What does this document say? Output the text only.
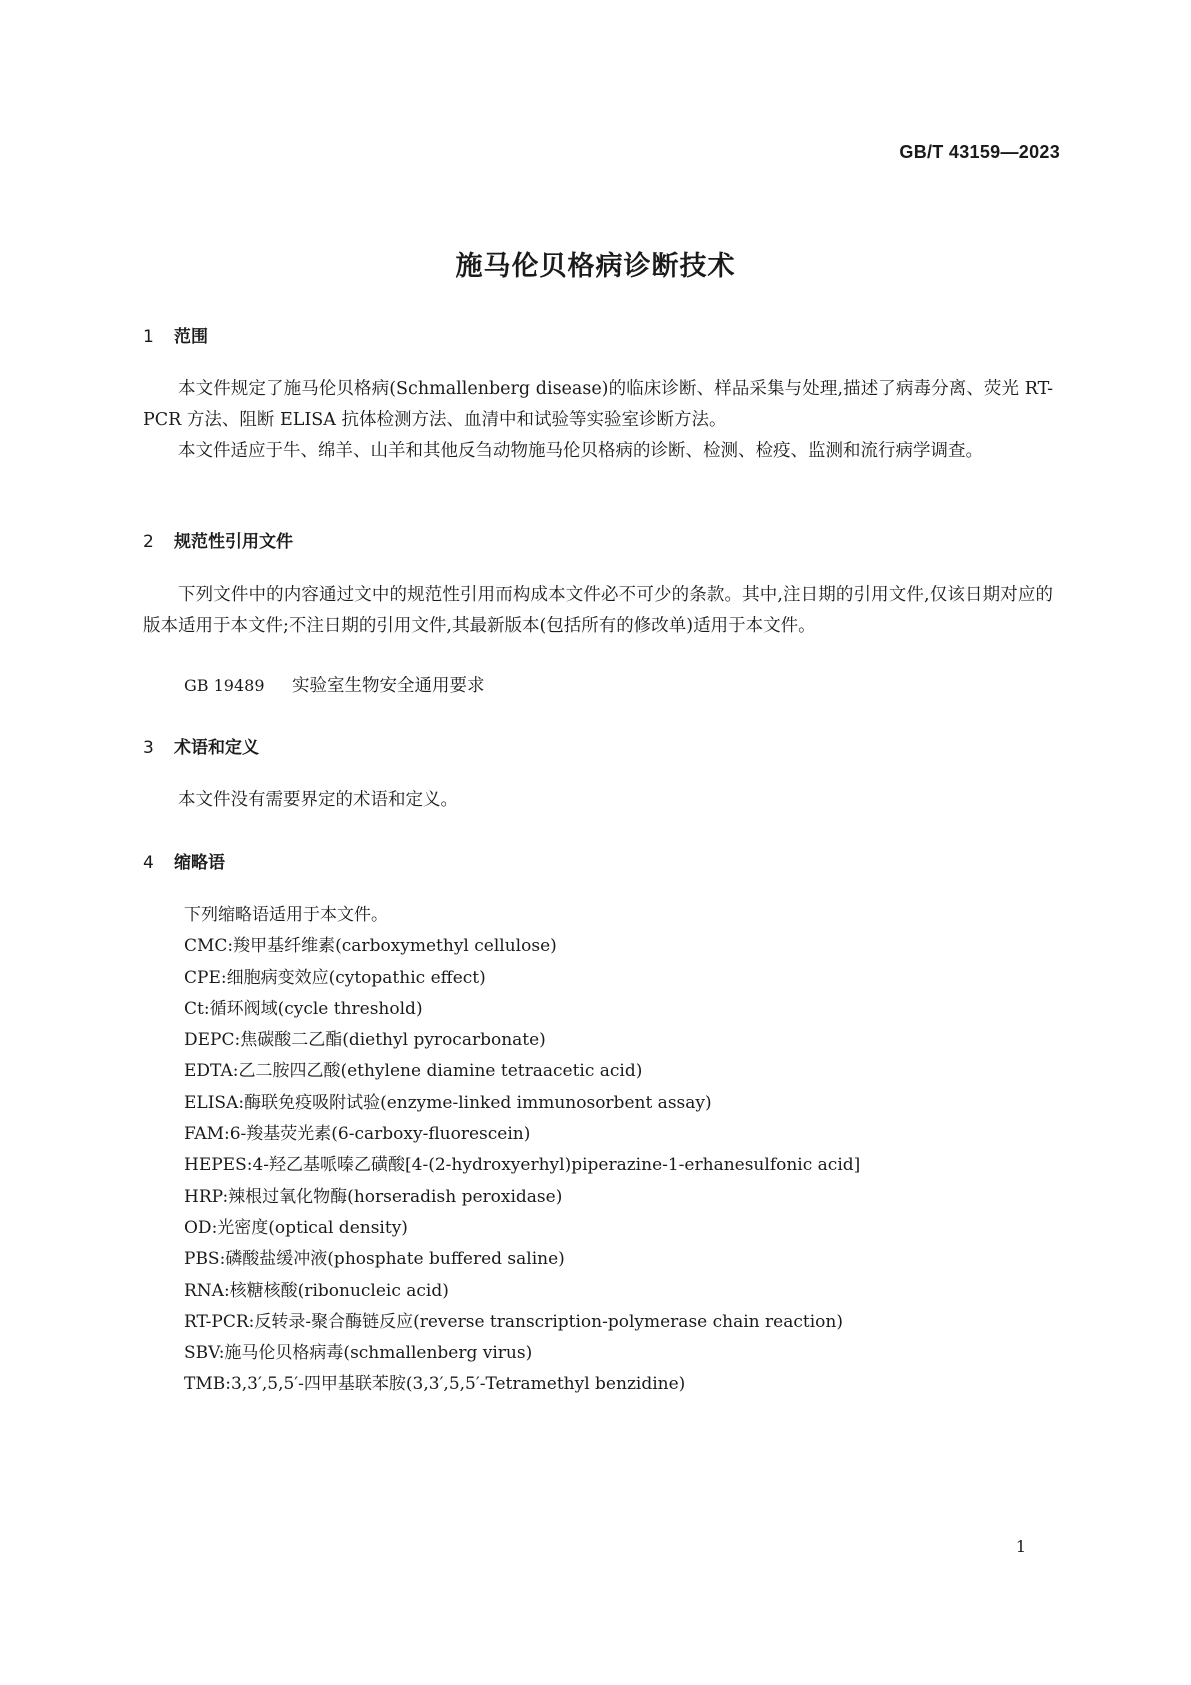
GB/T 43159—2023
施马伦贝格病诊断技术
1 范围
本文件规定了施马伦贝格病(Schmallenberg disease)的临床诊断、样品采集与处理,描述了病毒分离、荧光 RT-PCR 方法、阻断 ELISA 抗体检测方法、血清中和试验等实验室诊断方法。
本文件适应于牛、绵羊、山羊和其他反刍动物施马伦贝格病的诊断、检测、检疫、监测和流行病学调查。
2 规范性引用文件
下列文件中的内容通过文中的规范性引用而构成本文件必不可少的条款。其中,注日期的引用文件,仅该日期对应的版本适用于本文件;不注日期的引用文件,其最新版本(包括所有的修改单)适用于本文件。
GB 19489 实验室生物安全通用要求
3 术语和定义
本文件没有需要界定的术语和定义。
4 缩略语
下列缩略语适用于本文件。
CMC:羧甲基纤维素(carboxymethyl cellulose)
CPE:细胞病变效应(cytopathic effect)
Ct:循环阀域(cycle threshold)
DEPC:焦碳酸二乙酯(diethyl pyrocarbonate)
EDTA:乙二胺四乙酸(ethylene diamine tetraacetic acid)
ELISA:酶联免疫吸附试验(enzyme-linked immunosorbent assay)
FAM:6-羧基荧光素(6-carboxy-fluorescein)
HEPES:4-羟乙基哌嗪乙磺酸[4-(2-hydroxyerhyl)piperazine-1-erhanesulfonic acid]
HRP:辣根过氧化物酶(horseradish peroxidase)
OD:光密度(optical density)
PBS:磷酸盐缓冲液(phosphate buffered saline)
RNA:核糖核酸(ribonucleic acid)
RT-PCR:反转录-聚合酶链反应(reverse transcription-polymerase chain reaction)
SBV:施马伦贝格病毒(schmallenberg virus)
TMB:3,3′,5,5′-四甲基联苯胺(3,3′,5,5′-Tetramethyl benzidine)
1
